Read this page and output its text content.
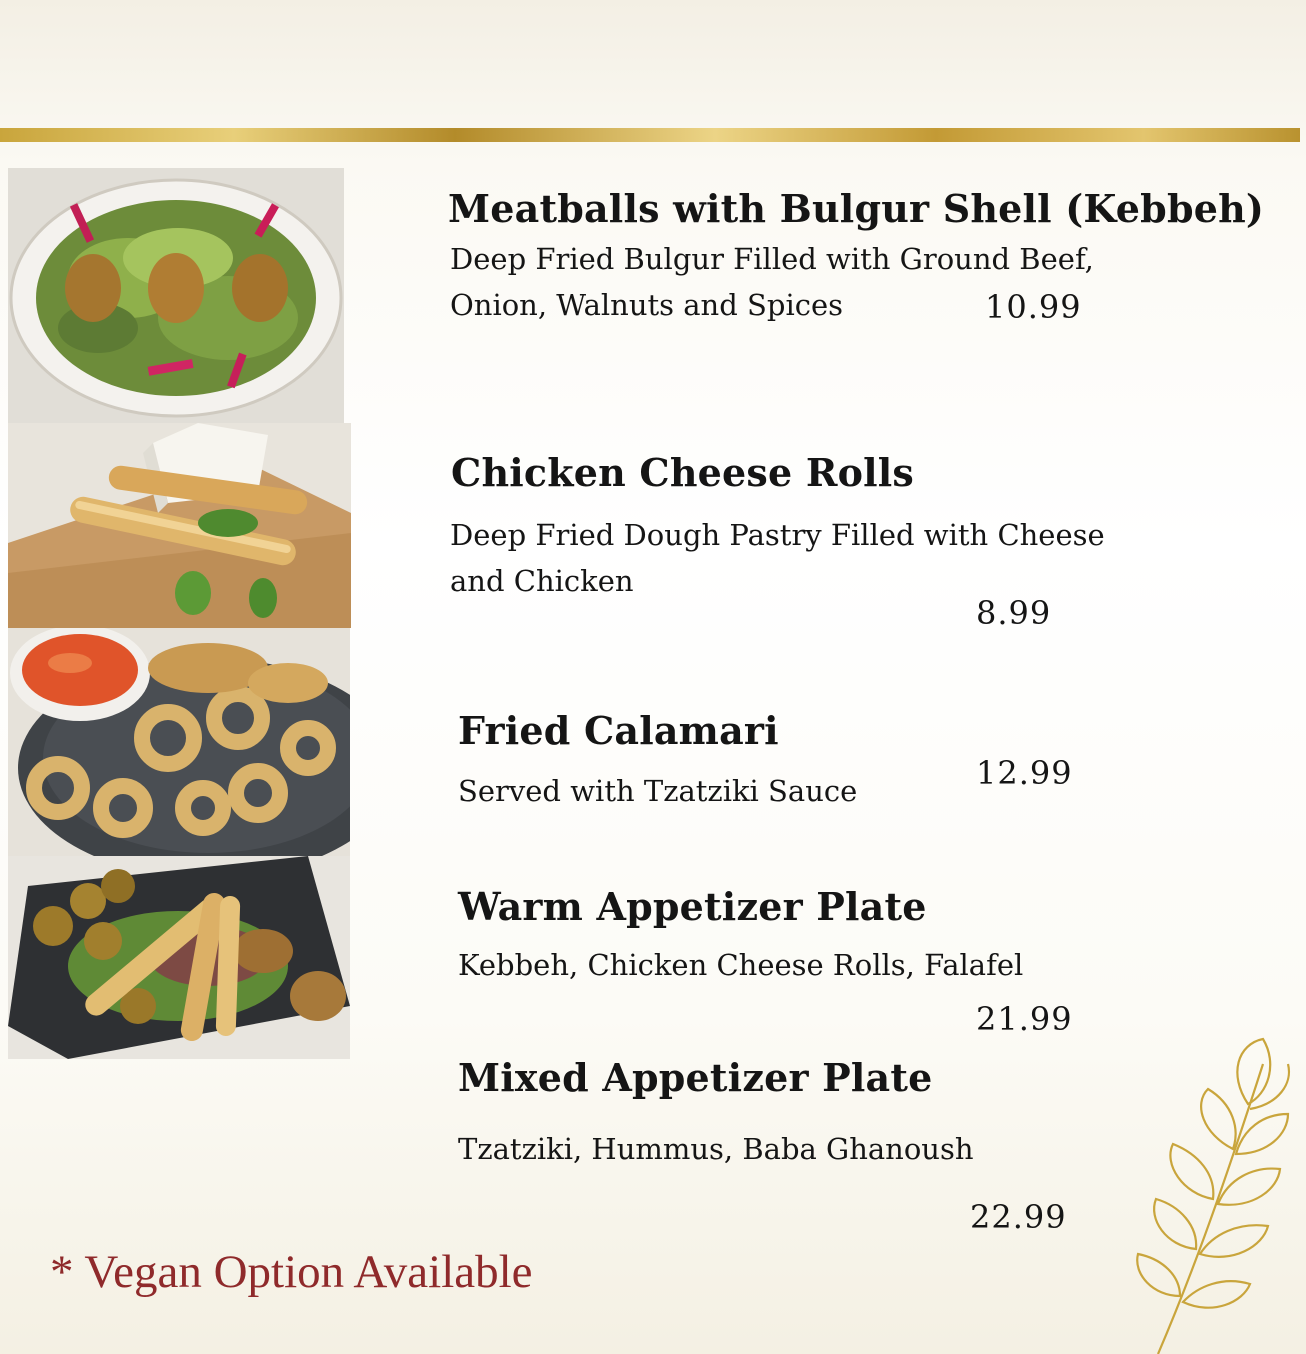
Meatballs with Bulgur Shell (Kebbeh)

Deep Fried Bulgur Filled with Ground Beef,

Onion, Walnuts and Spices	10.99
Chicken Cheese Rolls

Deep Fried Dough Pastry Filled with Cheese

and Chicken

8.99
Fried Calamari

Served with Tzatziki Sauce	12.99
Warm Appetizer Plate

Kebbeh, Chicken Cheese Rolls, Falafel

21.99
Mixed Appetizer Plate

Tzatziki, Hummus, Baba Ghanoush

22.99
* Vegan Option Available
